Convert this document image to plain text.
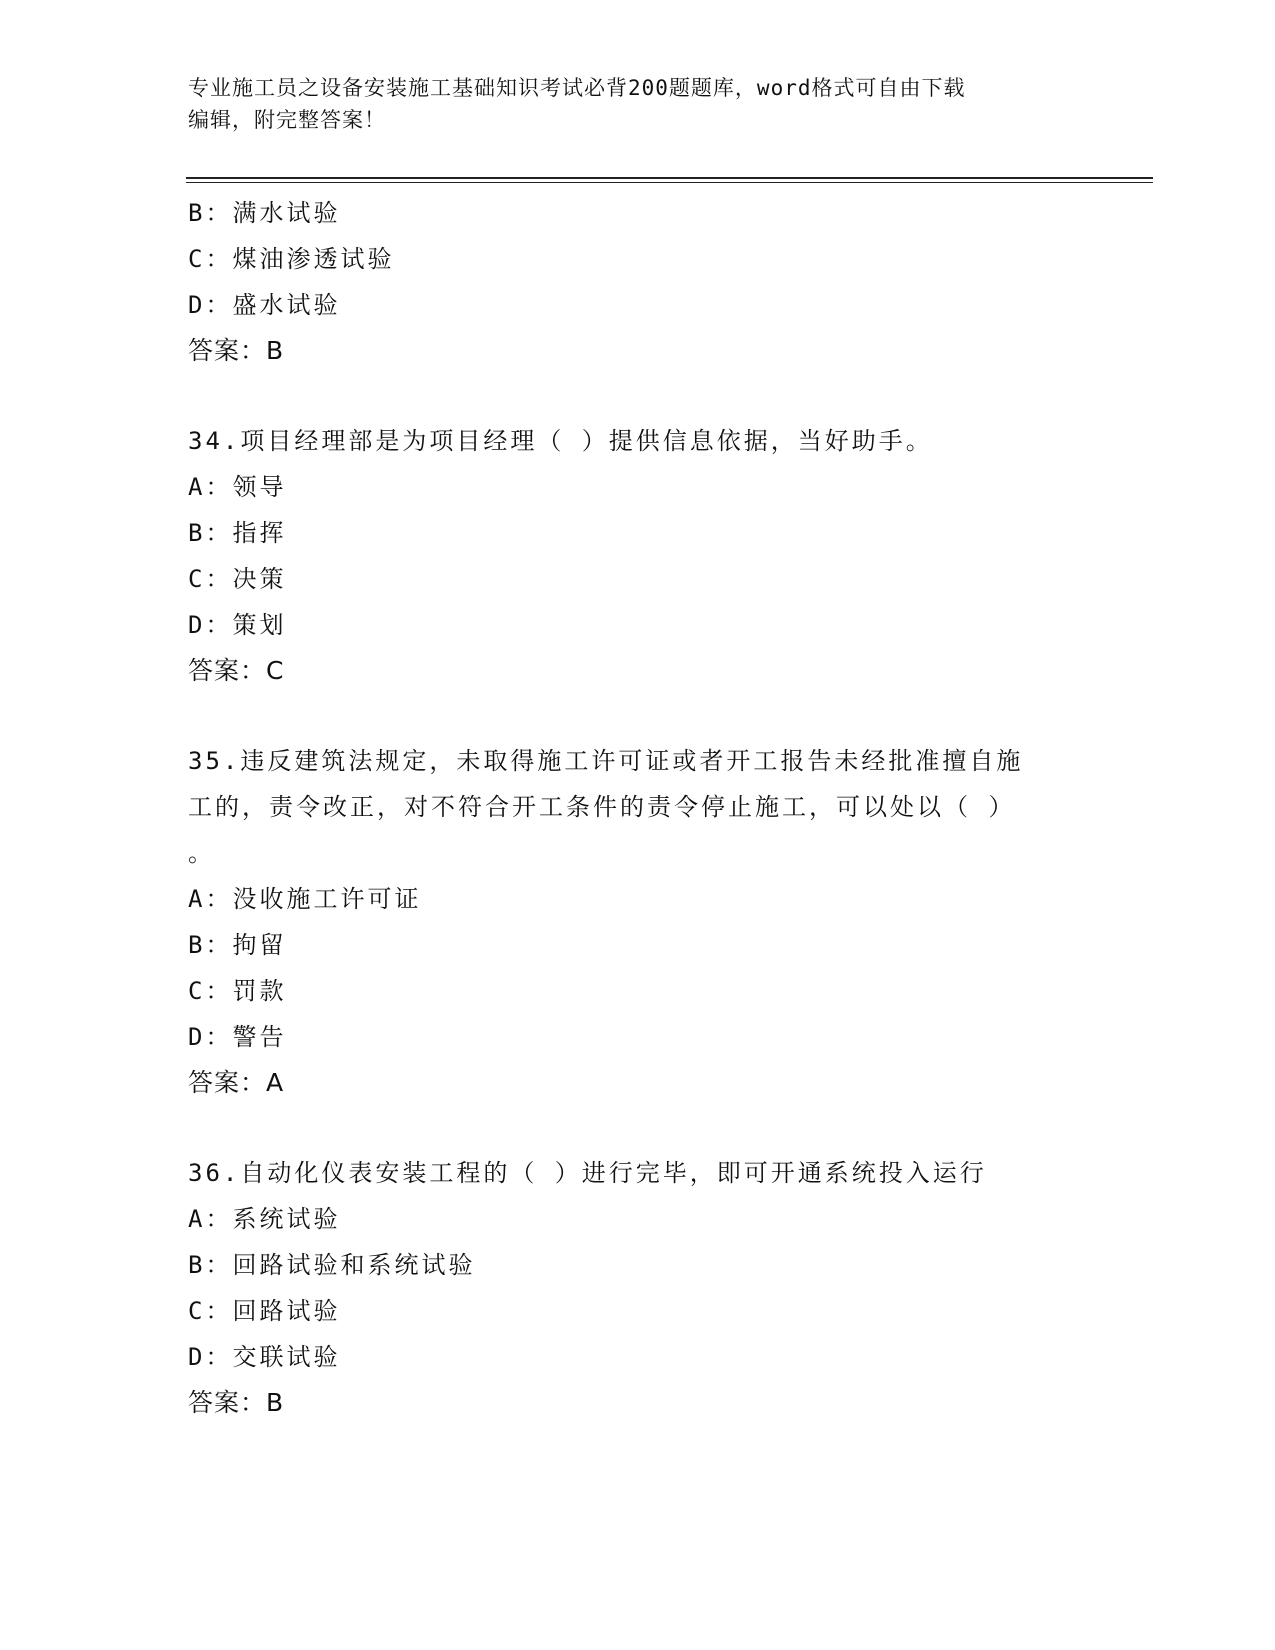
专业施工员之设备安装施工基础知识考试必背200题题库，word格式可自由下载
编辑，附完整答案！
B：满水试验
C：煤油渗透试验
D：盛水试验
答案：B
34.项目经理部是为项目经理（ ）提供信息依据，当好助手。
A：领导
B：指挥
C：决策
D：策划
答案：C
35.违反建筑法规定，未取得施工许可证或者开工报告未经批准擅自施
工的，责令改正，对不符合开工条件的责令停止施工，可以处以（ ）
。
A：没收施工许可证
B：拘留
C：罚款
D：警告
答案：A
36.自动化仪表安装工程的（ ）进行完毕，即可开通系统投入运行
A：系统试验
B：回路试验和系统试验
C：回路试验
D：交联试验
答案：B
